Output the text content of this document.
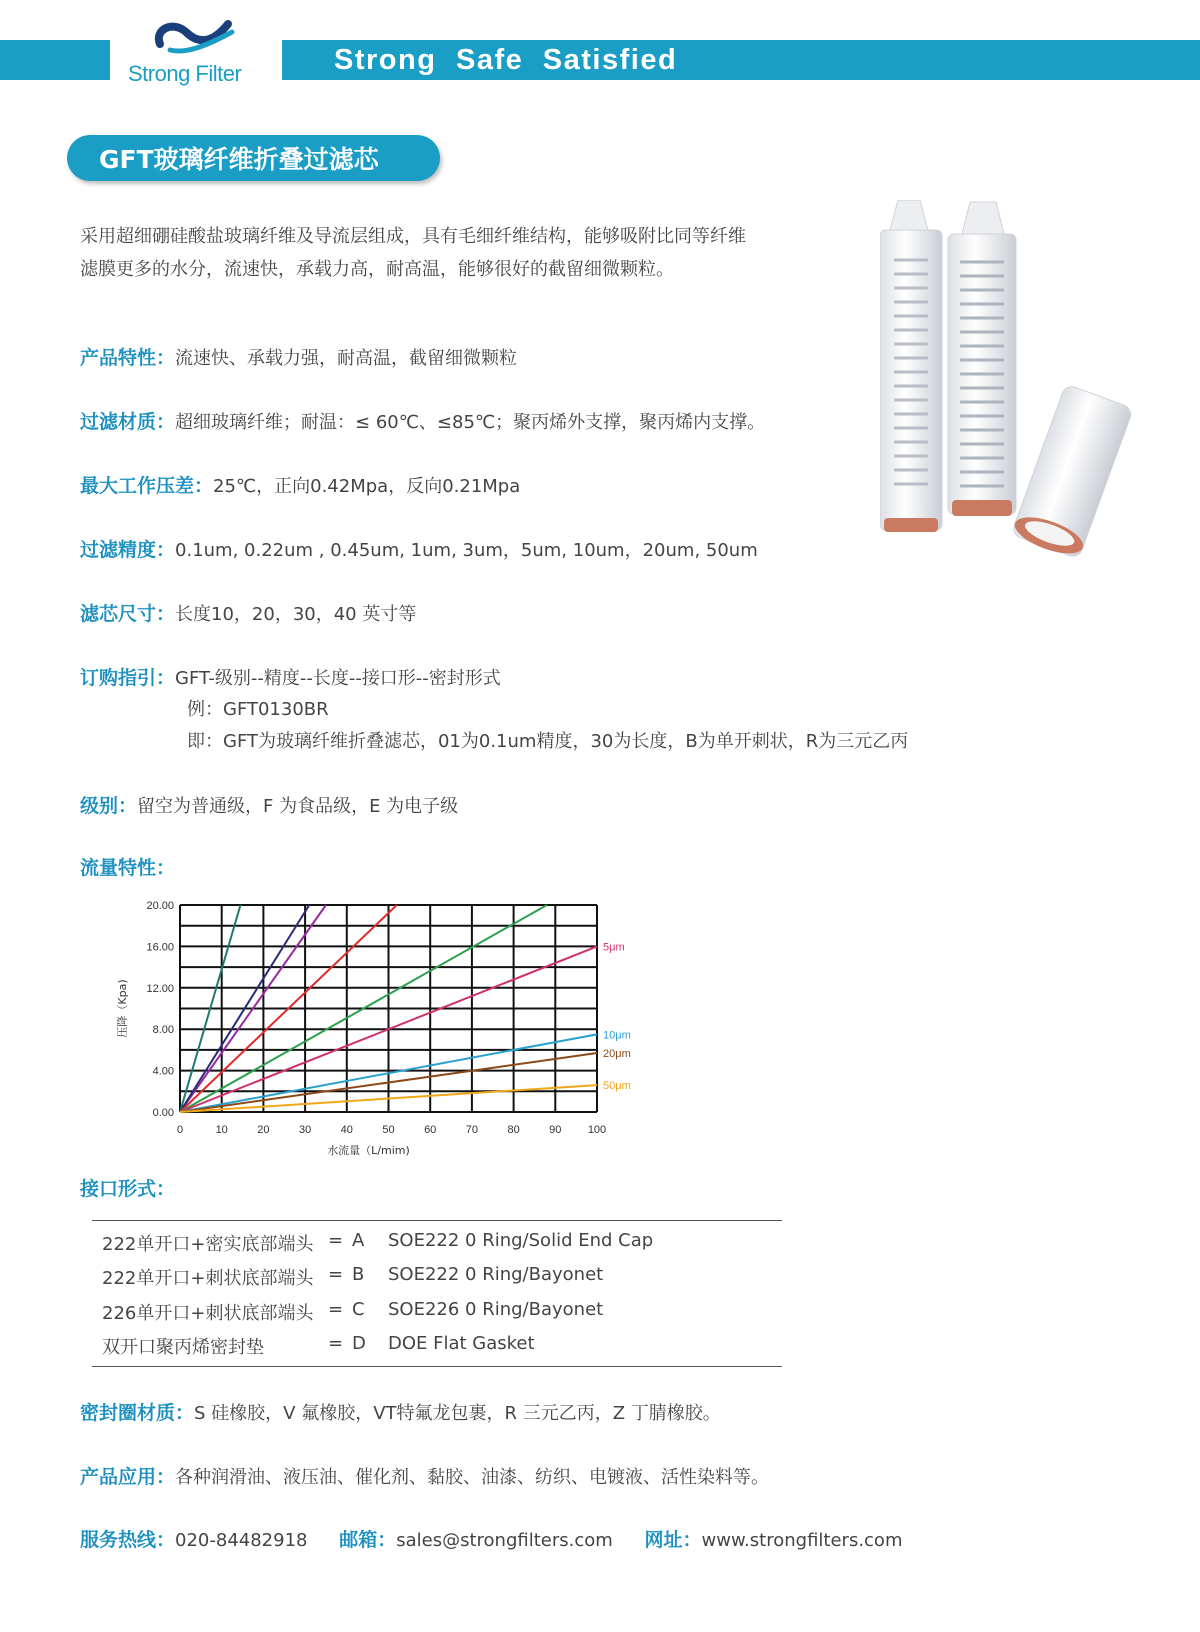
Strong Safe Satisfied
Strong Filter
GFT玻璃纤维折叠过滤芯
采用超细硼硅酸盐玻璃纤维及导流层组成，具有毛细纤维结构，能够吸附比同等纤维滤膜更多的水分，流速快，承载力高，耐高温，能够很好的截留细微颗粒。
产品特性：流速快、承载力强，耐高温，截留细微颗粒
过滤材质：超细玻璃纤维；耐温：≤ 60℃、≤85℃；聚丙烯外支撑，聚丙烯内支撑。
最大工作压差：25℃，正向0.42Mpa，反向0.21Mpa
过滤精度：0.1um, 0.22um , 0.45um, 1um, 3um，5um, 10um，20um, 50um
滤芯尺寸：长度10，20，30，40 英寸等
订购指引：GFT-级别--精度--长度--接口形--密封形式
例：GFT0130BR
即：GFT为玻璃纤维折叠滤芯，01为0.1um精度，30为长度，B为单开刺状，R为三元乙丙
级别：留空为普通级，F 为食品级，E 为电子级
流量特性：
0	10	20	30	40	50	60	70	80	90 100
0.00
4.00
8.00
12.00
16.00
20.00
水流量（L/mim)
压降（Kpa)
5μm
10μm
20μm
50μm
接口形式：
222单开口+密实底部端头 = A SOE222 0 Ring/Solid End Cap
222单开口+刺状底部端头 = B SOE222 0 Ring/Bayonet
226单开口+刺状底部端头 = C SOE226 0 Ring/Bayonet
双开口聚丙烯密封垫	= D DOE Flat Gasket
密封圈材质：S 硅橡胶，V 氟橡胶，VT特氟龙包裹，R 三元乙丙，Z 丁腈橡胶。
产品应用：各种润滑油、液压油、催化剂、黏胶、油漆、纺织、电镀液、活性染料等。
服务热线：020-84482918 邮箱：sales@strongfilters.com 网址：www.strongfilters.com
